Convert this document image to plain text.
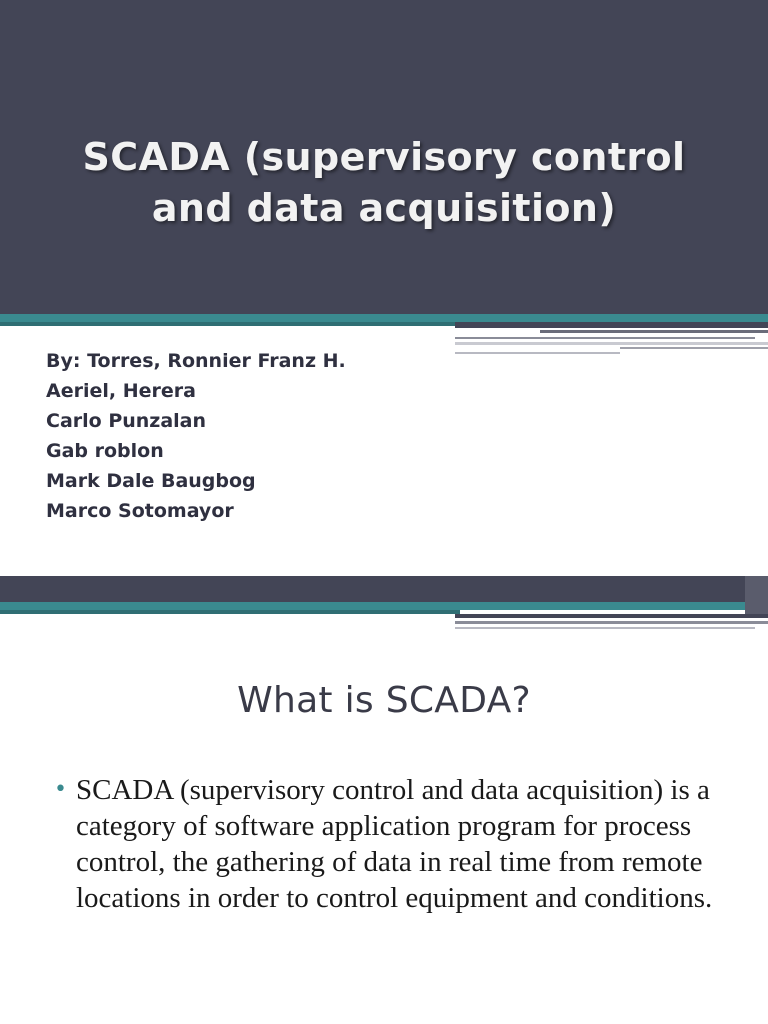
SCADA (supervisory control
and data acquisition)
By: Torres, Ronnier Franz H.
Aeriel, Herera
Carlo Punzalan
Gab roblon
Mark Dale Baugbog
Marco Sotomayor
What is SCADA?
• SCADA (supervisory control and data acquisition) is a category of software application program for process control, the gathering of data in real time from remote locations in order to control equipment and conditions.
